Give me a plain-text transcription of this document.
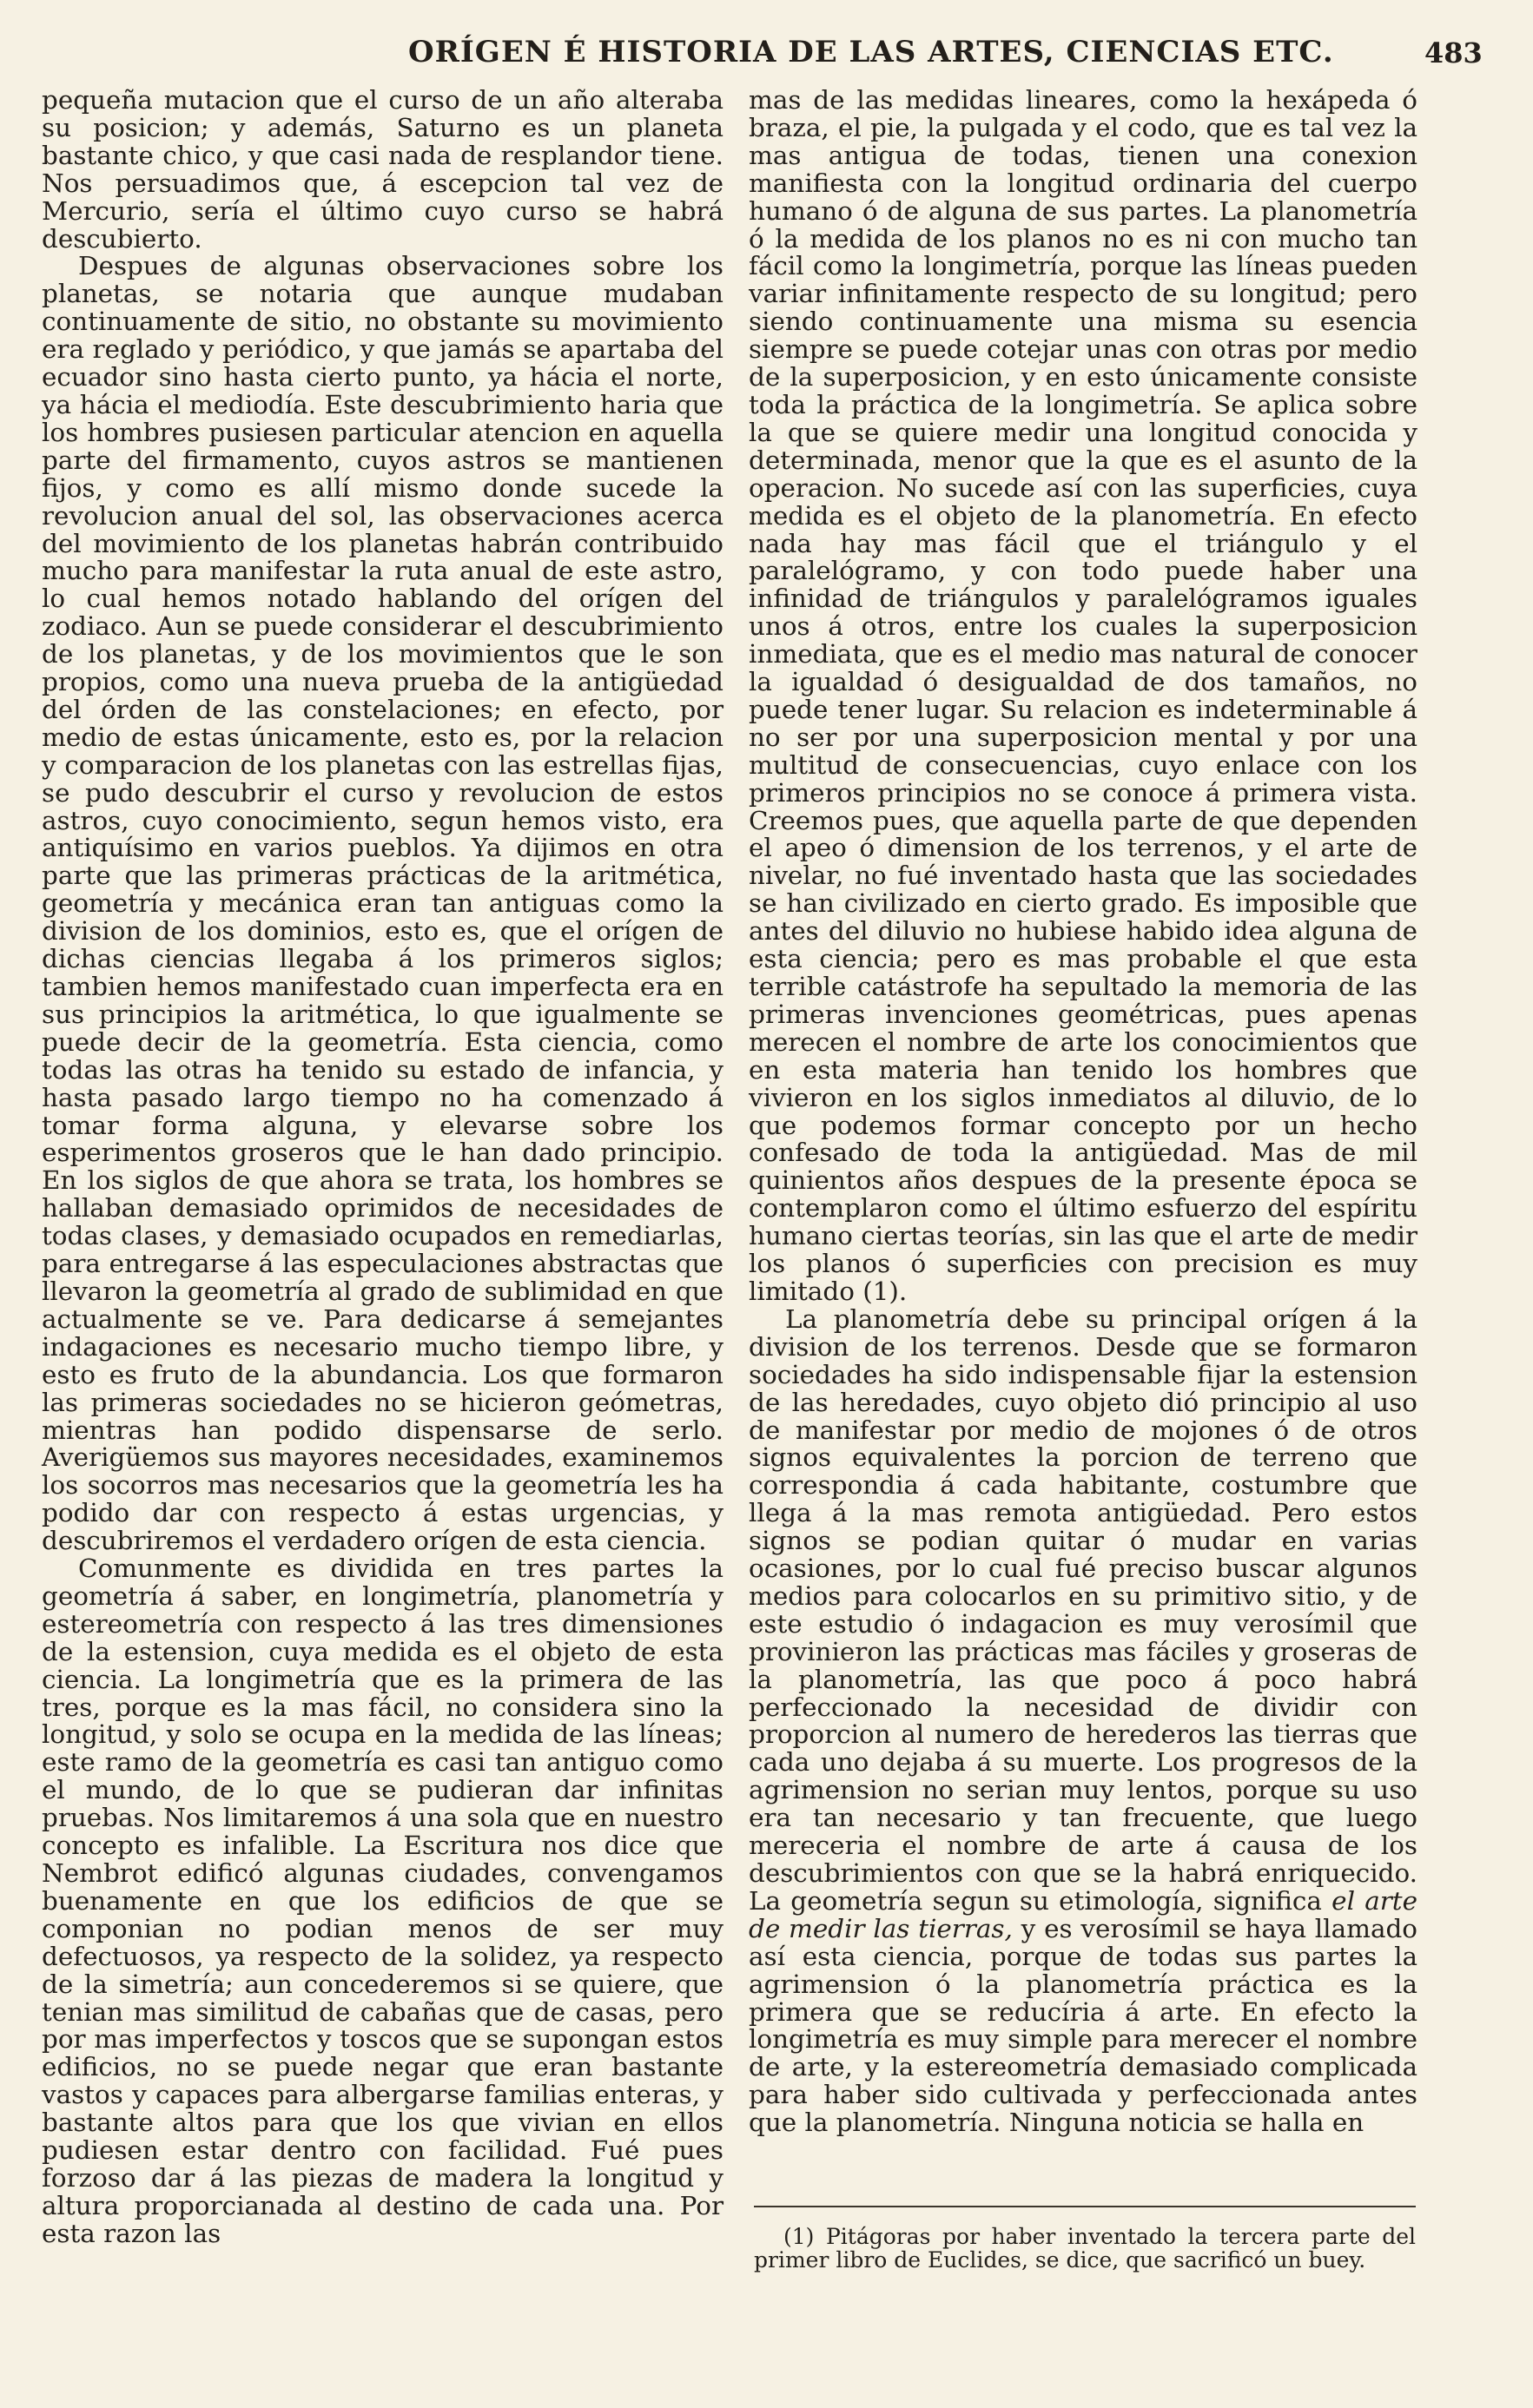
ORÍGEN É HISTORIA DE LAS ARTES, CIENCIAS ETC.	483

pequeña mutacion que el curso de un año alteraba su posicion; y además, Saturno es un planeta bastante chico, y que casi nada de resplandor tiene. Nos persuadimos que, á escepcion tal vez de Mercurio, sería el último cuyo curso se habrá descubierto.

Despues de algunas observaciones sobre los planetas, se notaria que aunque mudaban continuamente de sitio, no obstante su movimiento era reglado y periódico, y que jamás se apartaba del ecuador sino hasta cierto punto, ya hácia el norte, ya hácia el mediodía. Este descubrimiento haria que los hombres pusiesen particular atencion en aquella parte del firmamento, cuyos astros se mantienen fijos, y como es allí mismo donde sucede la revolucion anual del sol, las observaciones acerca del movimiento de los planetas habrán contribuido mucho para manifestar la ruta anual de este astro, lo cual hemos notado hablando del orígen del zodiaco. Aun se puede considerar el descubrimiento de los planetas, y de los movimientos que le son propios, como una nueva prueba de la antigüedad del órden de las constelaciones; en efecto, por medio de estas únicamente, esto es, por la relacion y comparacion de los planetas con las estrellas fijas, se pudo descubrir el curso y revolucion de estos astros, cuyo conocimiento, segun hemos visto, era antiquísimo en varios pueblos. Ya dijimos en otra parte que las primeras prácticas de la aritmética, geometría y mecánica eran tan antiguas como la division de los dominios, esto es, que el orígen de dichas ciencias llegaba á los primeros siglos; tambien hemos manifestado cuan imperfecta era en sus principios la aritmética, lo que igualmente se puede decir de la geometría. Esta ciencia, como todas las otras ha tenido su estado de infancia, y hasta pasado largo tiempo no ha comenzado á tomar forma alguna, y elevarse sobre los esperimentos groseros que le han dado principio. En los siglos de que ahora se trata, los hombres se hallaban demasiado oprimidos de necesidades de todas clases, y demasiado ocupados en remediarlas, para entregarse á las especulaciones abstractas que llevaron la geometría al grado de sublimidad en que actualmente se ve. Para dedicarse á semejantes indagaciones es necesario mucho tiempo libre, y esto es fruto de la abundancia. Los que formaron las primeras sociedades no se hicieron geómetras, mientras han podido dispensarse de serlo. Averigüemos sus mayores necesidades, examinemos los socorros mas necesarios que la geometría les ha podido dar con respecto á estas urgencias, y descubriremos el verdadero orígen de esta ciencia.

Comunmente es dividida en tres partes la geometría á saber, en longimetría, planometría y estereometría con respecto á las tres dimensiones de la estension, cuya medida es el objeto de esta ciencia. La longimetría que es la primera de las tres, porque es la mas fácil, no considera sino la longitud, y solo se ocupa en la medida de las líneas; este ramo de la geometría es casi tan antiguo como el mundo, de lo que se pudieran dar infinitas pruebas. Nos limitaremos á una sola que en nuestro concepto es infalible. La Escritura nos dice que Nembrot edificó algunas ciudades, convengamos buenamente en que los edificios de que se componian no podian menos de ser muy defectuosos, ya respecto de la solidez, ya respecto de la simetría; aun concederemos si se quiere, que tenian mas similitud de cabañas que de casas, pero por mas imperfectos y toscos que se supongan estos edificios, no se puede negar que eran bastante vastos y capaces para albergarse familias enteras, y bastante altos para que los que vivian en ellos pudiesen estar dentro con facilidad. Fué pues forzoso dar á las piezas de madera la longitud y altura proporcianada al destino de cada una. Por esta razon las

mas de las medidas lineares, como la hexápeda ó braza, el pie, la pulgada y el codo, que es tal vez la mas antigua de todas, tienen una conexion manifiesta con la longitud ordinaria del cuerpo humano ó de alguna de sus partes. La planometría ó la medida de los planos no es ni con mucho tan fácil como la longimetría, porque las líneas pueden variar infinitamente respecto de su longitud; pero siendo continuamente una misma su esencia siempre se puede cotejar unas con otras por medio de la superposicion, y en esto únicamente consiste toda la práctica de la longimetría. Se aplica sobre la que se quiere medir una longitud conocida y determinada, menor que la que es el asunto de la operacion. No sucede así con las superficies, cuya medida es el objeto de la planometría. En efecto nada hay mas fácil que el triángulo y el paralelógramo, y con todo puede haber una infinidad de triángulos y paralelógramos iguales unos á otros, entre los cuales la superposicion inmediata, que es el medio mas natural de conocer la igualdad ó desigualdad de dos tamaños, no puede tener lugar. Su relacion es indeterminable á no ser por una superposicion mental y por una multitud de consecuencias, cuyo enlace con los primeros principios no se conoce á primera vista. Creemos pues, que aquella parte de que dependen el apeo ó dimension de los terrenos, y el arte de nivelar, no fué inventado hasta que las sociedades se han civilizado en cierto grado. Es imposible que antes del diluvio no hubiese habido idea alguna de esta ciencia; pero es mas probable el que esta terrible catástrofe ha sepultado la memoria de las primeras invenciones geométricas, pues apenas merecen el nombre de arte los conocimientos que en esta materia han tenido los hombres que vivieron en los siglos inmediatos al diluvio, de lo que podemos formar concepto por un hecho confesado de toda la antigüedad. Mas de mil quinientos años despues de la presente época se contemplaron como el último esfuerzo del espíritu humano ciertas teorías, sin las que el arte de medir los planos ó superficies con precision es muy limitado (1).

La planometría debe su principal orígen á la division de los terrenos. Desde que se formaron sociedades ha sido indispensable fijar la estension de las heredades, cuyo objeto dió principio al uso de manifestar por medio de mojones ó de otros signos equivalentes la porcion de terreno que correspondia á cada habitante, costumbre que llega á la mas remota antigüedad. Pero estos signos se podian quitar ó mudar en varias ocasiones, por lo cual fué preciso buscar algunos medios para colocarlos en su primitivo sitio, y de este estudio ó indagacion es muy verosímil que provinieron las prácticas mas fáciles y groseras de la planometría, las que poco á poco habrá perfeccionado la necesidad de dividir con proporcion al numero de herederos las tierras que cada uno dejaba á su muerte. Los progresos de la agrimension no serian muy lentos, porque su uso era tan necesario y tan frecuente, que luego mereceria el nombre de arte á causa de los descubrimientos con que se la habrá enriquecido. La geometría segun su etimología, significa el arte de medir las tierras, y es verosímil se haya llamado así esta ciencia, porque de todas sus partes la agrimension ó la planometría práctica es la primera que se reducíria á arte. En efecto la longimetría es muy simple para merecer el nombre de arte, y la estereometría demasiado complicada para haber sido cultivada y perfeccionada antes que la planometría. Ninguna noticia se halla en

(1) Pitágoras por haber inventado la tercera parte del primer libro de Euclides, se dice, que sacrificó un buey.
